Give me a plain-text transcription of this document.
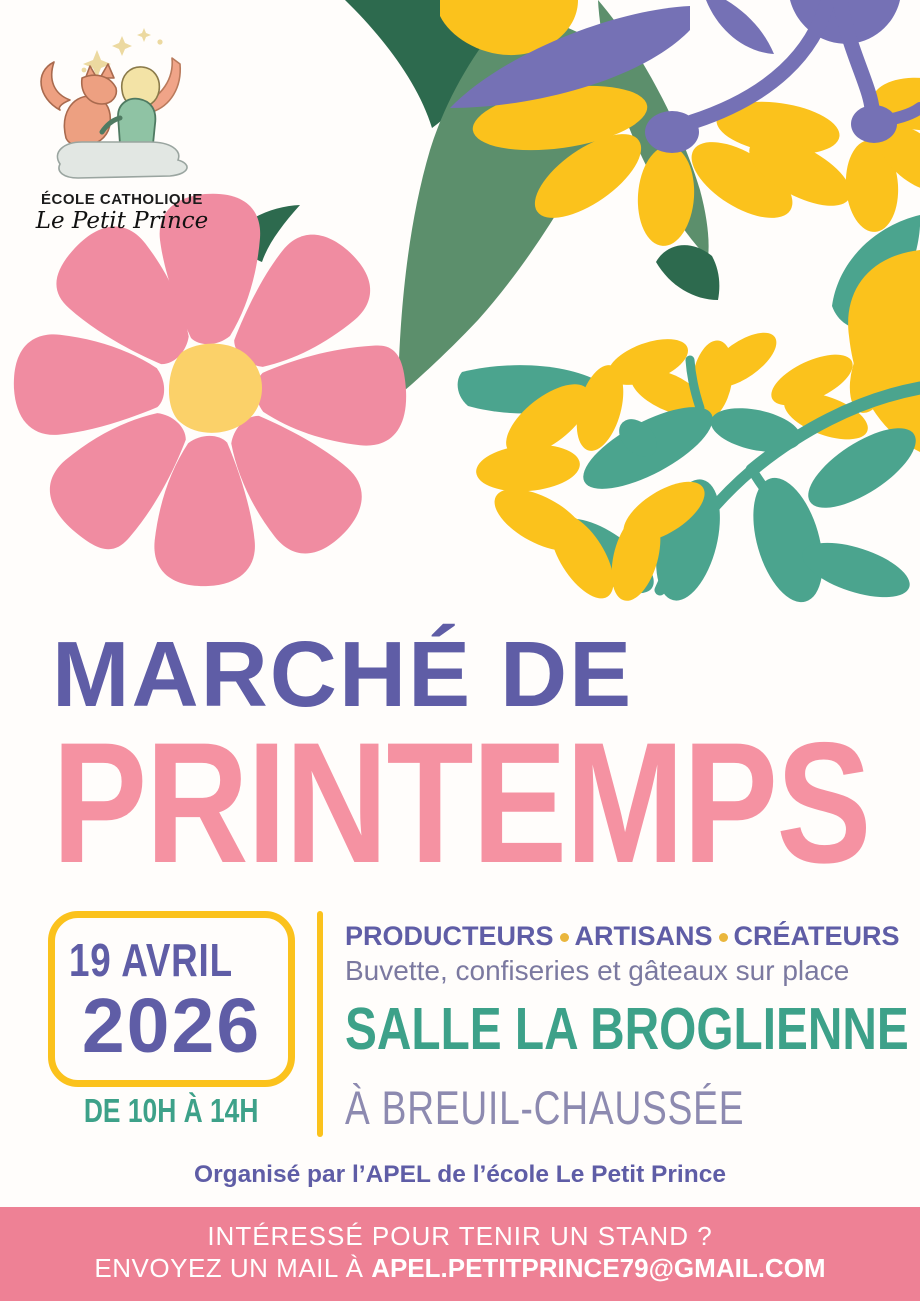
ÉCOLE CATHOLIQUE
Le Petit Prince
MARCHÉ DE
PRINTEMPS
19 AVRIL
2026
DE 10H À 14H
PRODUCTEURS ARTISANS CRÉATEURS
Buvette, confiseries et gâteaux sur place
SALLE LA BROGLIENNE
À BREUIL-CHAUSSÉE
Organisé par l’APEL de l’école Le Petit Prince
INTÉRESSÉ POUR TENIR UN STAND ?
ENVOYEZ UN MAIL À APEL.PETITPRINCE79@GMAIL.COM
